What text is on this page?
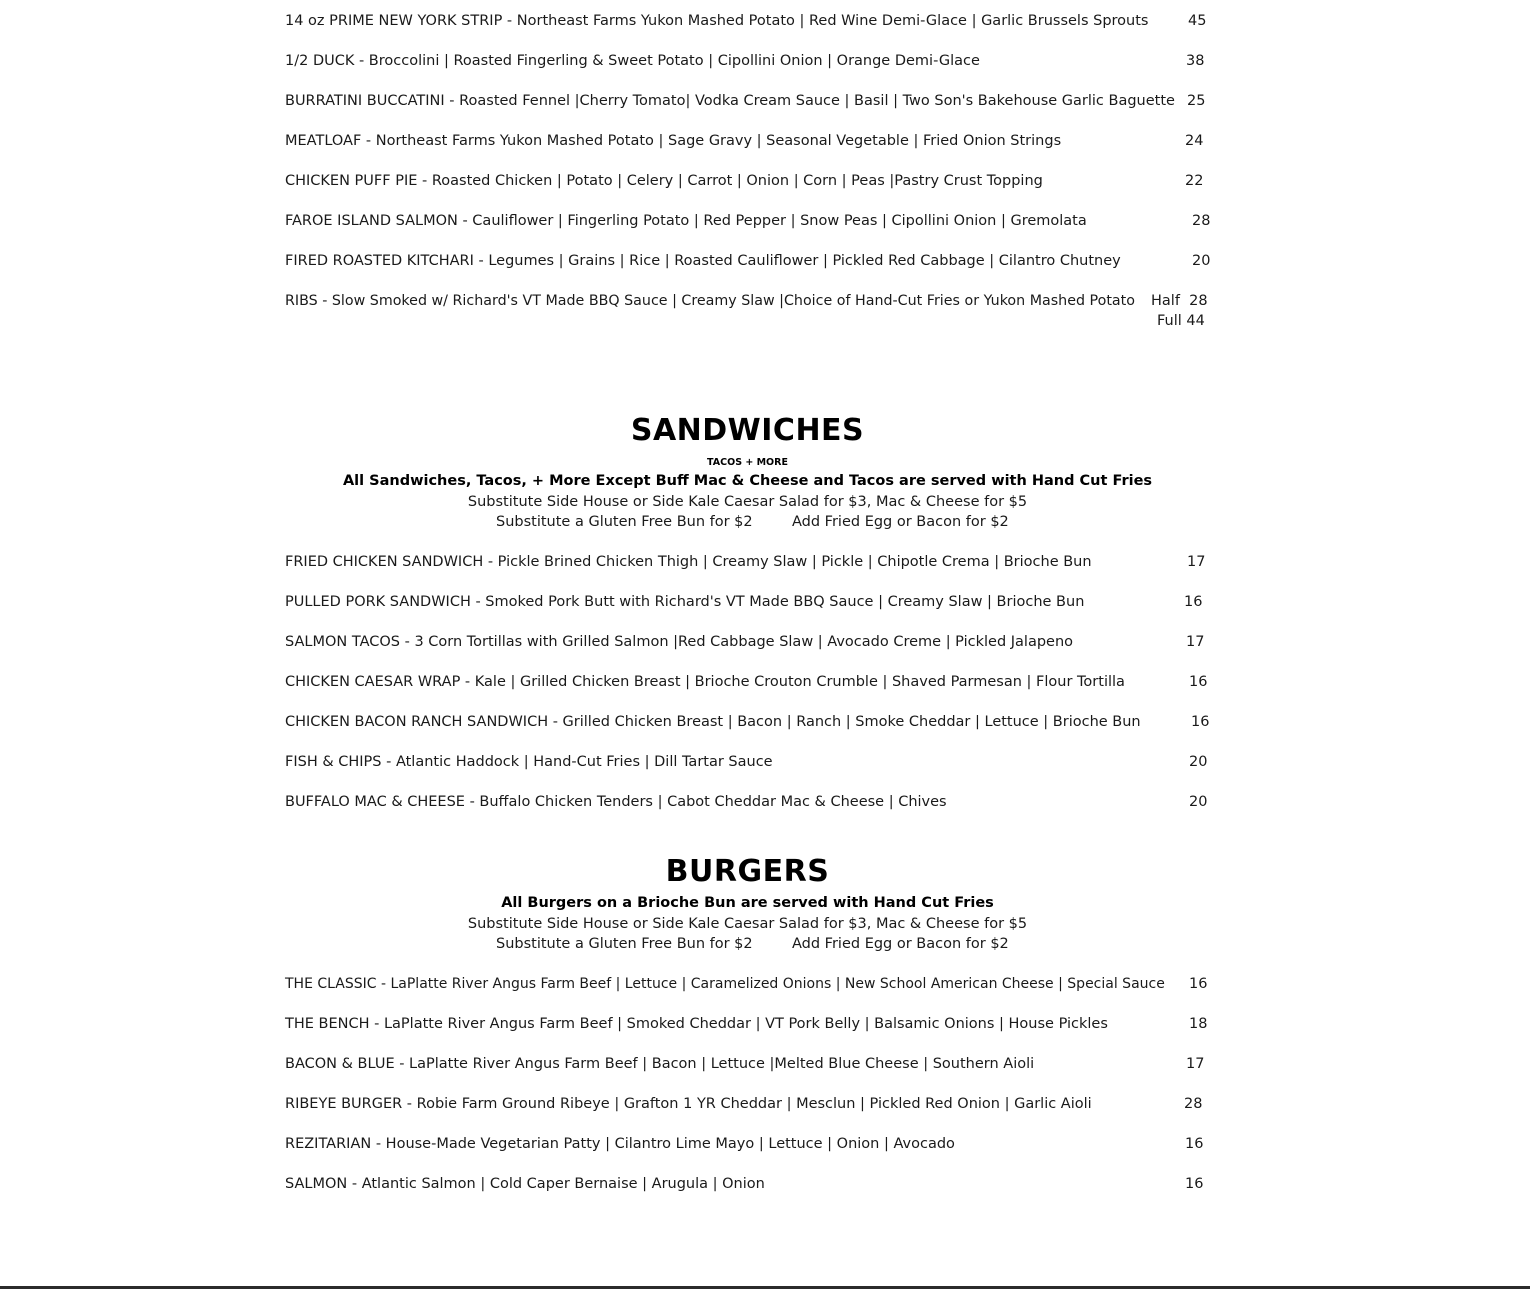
14 oz PRIME NEW YORK STRIP - Northeast Farms Yukon Mashed Potato | Red Wine Demi-Glace | Garlic Brussels Sprouts	45
1/2 DUCK - Broccolini | Roasted Fingerling & Sweet Potato | Cipollini Onion | Orange Demi-Glace	38
BURRATINI BUCCATINI - Roasted Fennel |Cherry Tomato| Vodka Cream Sauce | Basil | Two Son's Bakehouse Garlic Baguette 25
MEATLOAF - Northeast Farms Yukon Mashed Potato | Sage Gravy | Seasonal Vegetable | Fried Onion Strings	24
CHICKEN PUFF PIE - Roasted Chicken | Potato | Celery | Carrot | Onion | Corn | Peas |Pastry Crust Topping	22
FAROE ISLAND SALMON - Cauliflower | Fingerling Potato | Red Pepper | Snow Peas | Cipollini Onion | Gremolata	28
FIRED ROASTED KITCHARI - Legumes | Grains | Rice | Roasted Cauliflower | Pickled Red Cabbage | Cilantro Chutney	20
RIBS - Slow Smoked w/ Richard's VT Made BBQ Sauce | Creamy Slaw |Choice of Hand-Cut Fries or Yukon Mashed Potato Half  28
Full 44
SANDWICHES
TACOS + MORE
All Sandwiches, Tacos, + More Except Buff Mac & Cheese and Tacos are served with Hand Cut Fries
Substitute Side House or Side Kale Caesar Salad for $3, Mac & Cheese for $5
Substitute a Gluten Free Bun for $2	Add Fried Egg or Bacon for $2
FRIED CHICKEN SANDWICH - Pickle Brined Chicken Thigh | Creamy Slaw | Pickle | Chipotle Crema | Brioche Bun	17
PULLED PORK SANDWICH - Smoked Pork Butt with Richard's VT Made BBQ Sauce | Creamy Slaw | Brioche Bun	16
SALMON TACOS - 3 Corn Tortillas with Grilled Salmon |Red Cabbage Slaw | Avocado Creme | Pickled Jalapeno	17
CHICKEN CAESAR WRAP - Kale | Grilled Chicken Breast | Brioche Crouton Crumble | Shaved Parmesan | Flour Tortilla	16
CHICKEN BACON RANCH SANDWICH - Grilled Chicken Breast | Bacon | Ranch | Smoke Cheddar | Lettuce | Brioche Bun	16
FISH & CHIPS - Atlantic Haddock | Hand-Cut Fries | Dill Tartar Sauce	20
BUFFALO MAC & CHEESE - Buffalo Chicken Tenders | Cabot Cheddar Mac & Cheese | Chives	20
BURGERS
All Burgers on a Brioche Bun are served with Hand Cut Fries
Substitute Side House or Side Kale Caesar Salad for $3, Mac & Cheese for $5
Substitute a Gluten Free Bun for $2	Add Fried Egg or Bacon for $2
THE CLASSIC - LaPlatte River Angus Farm Beef | Lettuce | Caramelized Onions | New School American Cheese | Special Sauce 16
THE BENCH - LaPlatte River Angus Farm Beef | Smoked Cheddar | VT Pork Belly | Balsamic Onions | House Pickles	18
BACON & BLUE - LaPlatte River Angus Farm Beef | Bacon | Lettuce |Melted Blue Cheese | Southern Aioli	17
RIBEYE BURGER - Robie Farm Ground Ribeye | Grafton 1 YR Cheddar | Mesclun | Pickled Red Onion | Garlic Aioli	28
REZITARIAN - House-Made Vegetarian Patty | Cilantro Lime Mayo | Lettuce | Onion | Avocado	16
SALMON - Atlantic Salmon | Cold Caper Bernaise | Arugula | Onion	16
